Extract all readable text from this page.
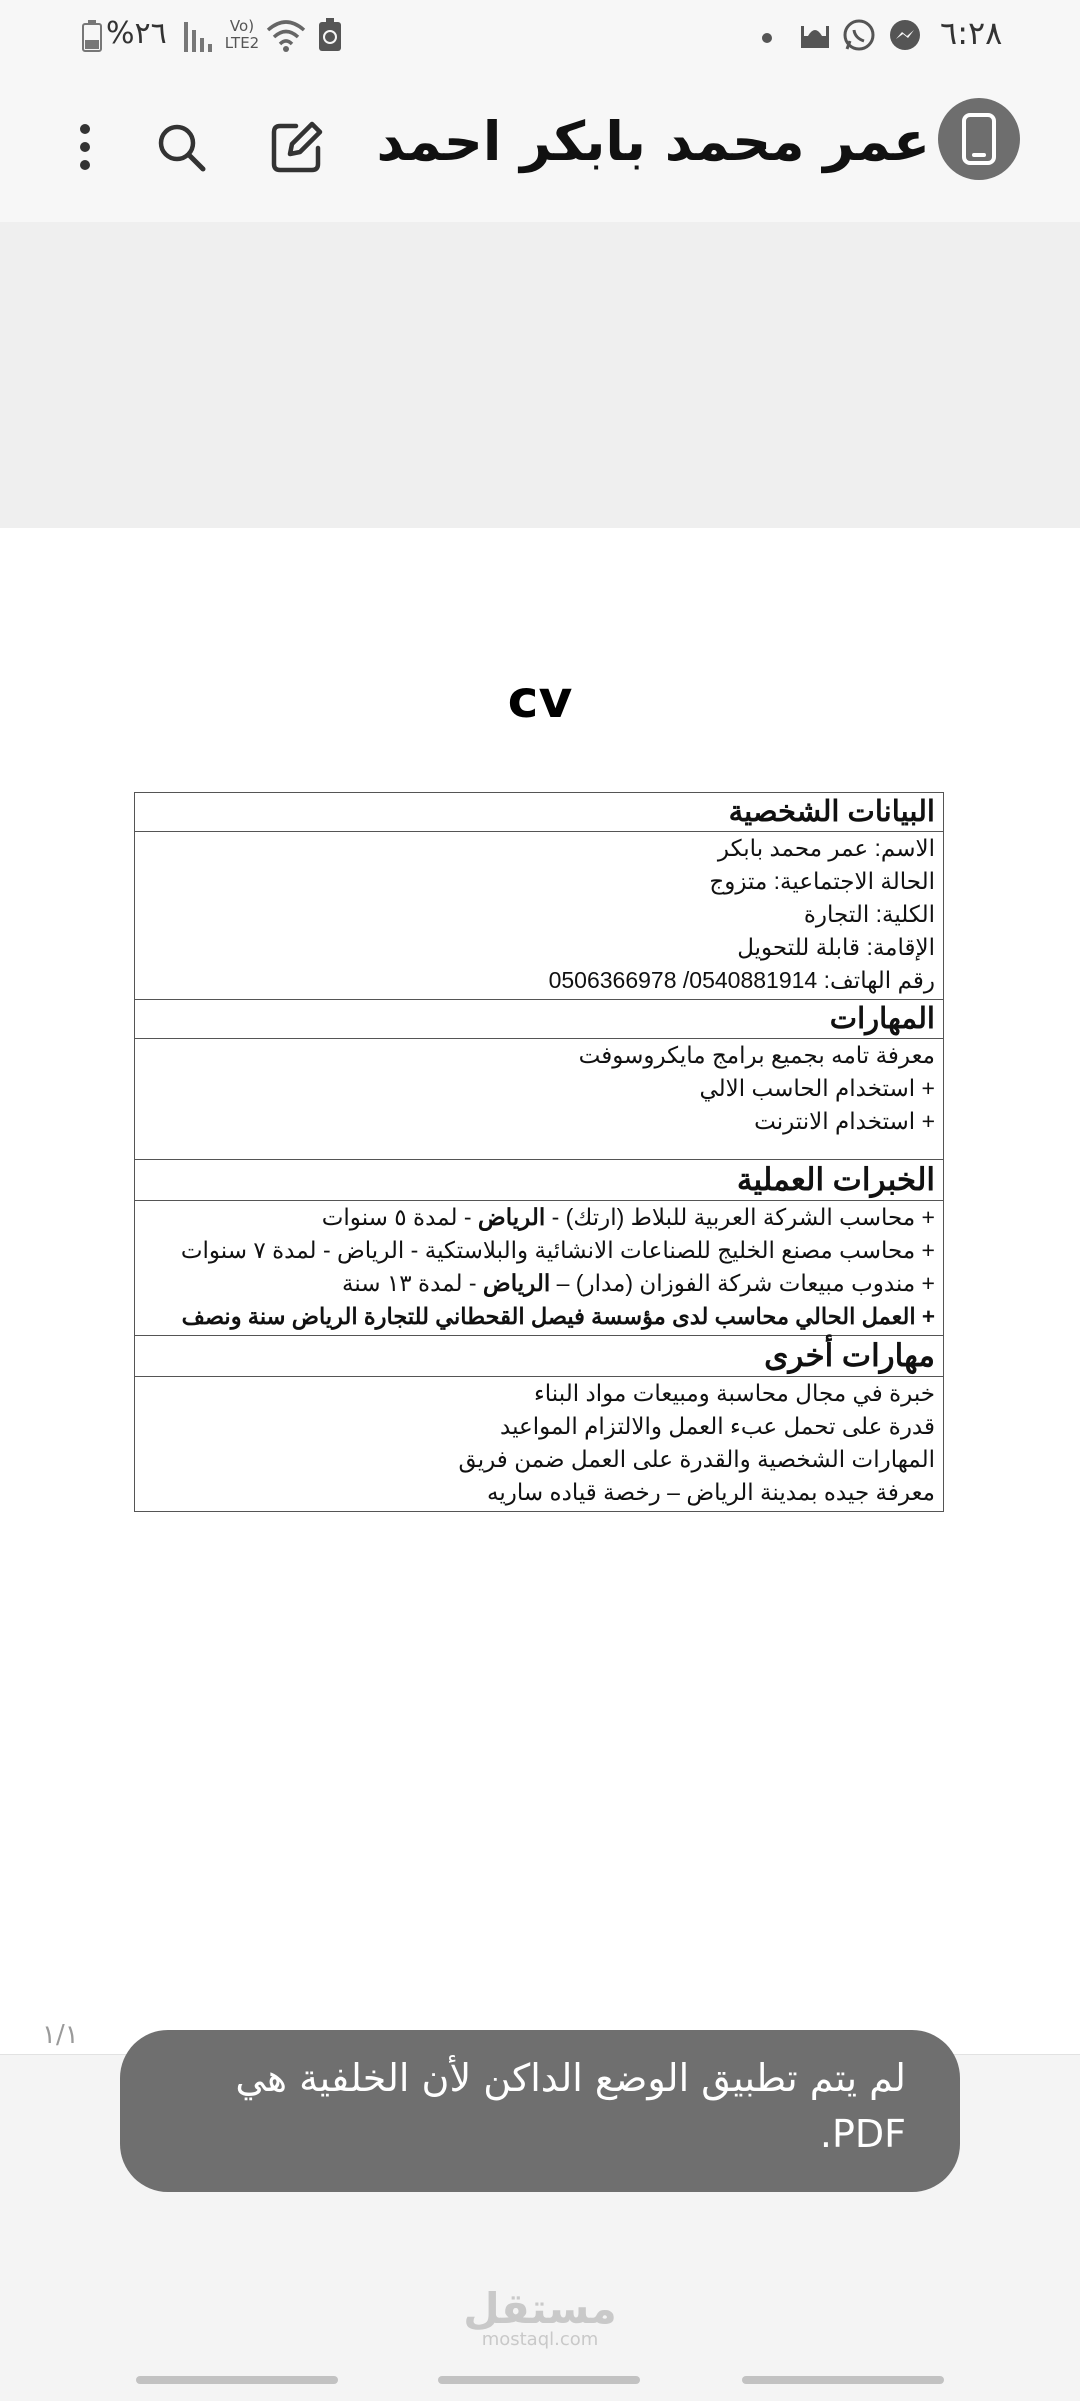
%٢٦	Vo) LTE2	٦:٢٨
عمر محمد بابكر احمد
cv
البيانات الشخصية

الاسم: عمر محمد بابكر
الحالة الاجتماعية: متزوج
الكلية: التجارة
الإقامة: قابلة للتحويل
رقم الهاتف: 0540881914/ 0506366978

المهارات

معرفة تامه بجميع برامج مايكروسوفت
+ استخدام الحاسب الالي
+ استخدام الانترنت

الخبرات العملية

+ محاسب الشركة العربية للبلاط (ارتك) - الرياض - لمدة ٥ سنوات
+ محاسب مصنع الخليج للصناعات الانشائية والبلاستكية - الرياض - لمدة ٧ سنوات
+ مندوب مبيعات شركة الفوزان (مدار) – الرياض - لمدة ١٣ سنة
+ العمل الحالي محاسب لدى مؤسسة فيصل القحطاني للتجارة الرياض سنة ونصف

مهارات أخرى

خبرة في مجال محاسبة ومبيعات مواد البناء
قدرة على تحمل عبء العمل والالتزام المواعيد
المهارات الشخصية والقدرة على العمل ضمن فريق
معرفة جيده بمدينة الرياض – رخصة قياده ساريه
١/١
لم يتم تطبيق الوضع الداكن لأن الخلفية هي PDF.
مستقل
mostaql.com
